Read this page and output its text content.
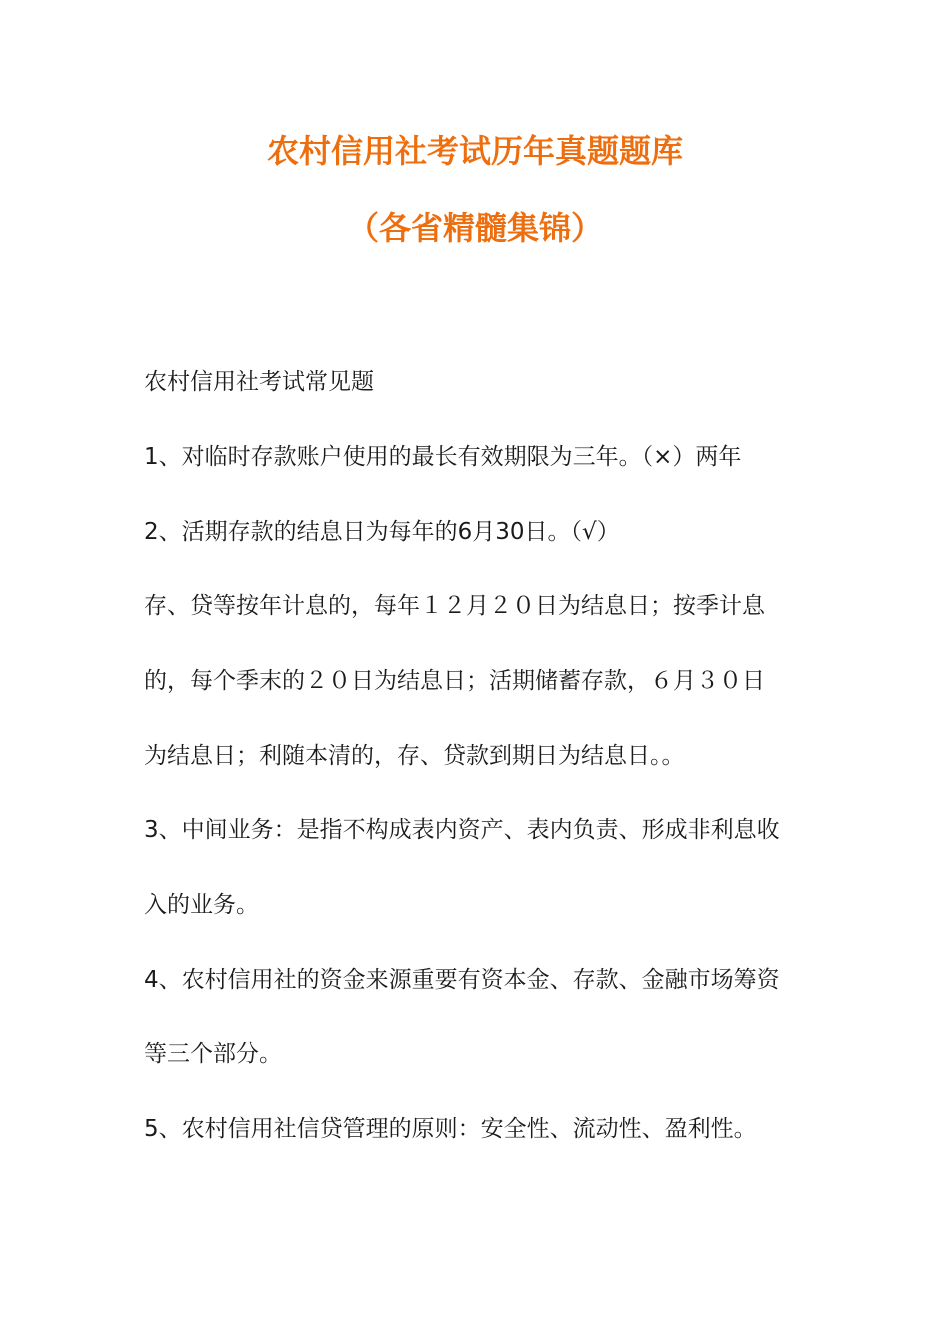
农村信用社考试历年真题题库
（各省精髓集锦）
农村信用社考试常见题
1、对临时存款账户使用的最长有效期限为三年。（×）两年
2、活期存款的结息日为每年的6月30日。（√）
存、贷等按年计息的，每年１２月２０日为结息日；按季计息
的，每个季末的２０日为结息日；活期储蓄存款，６月３０日
为结息日；利随本清的，存、贷款到期日为结息日。。
3、中间业务：是指不构成表内资产、表内负责、形成非利息收
入的业务。
4、农村信用社的资金来源重要有资本金、存款、金融市场筹资
等三个部分。
5、农村信用社信贷管理的原则：安全性、流动性、盈利性。
